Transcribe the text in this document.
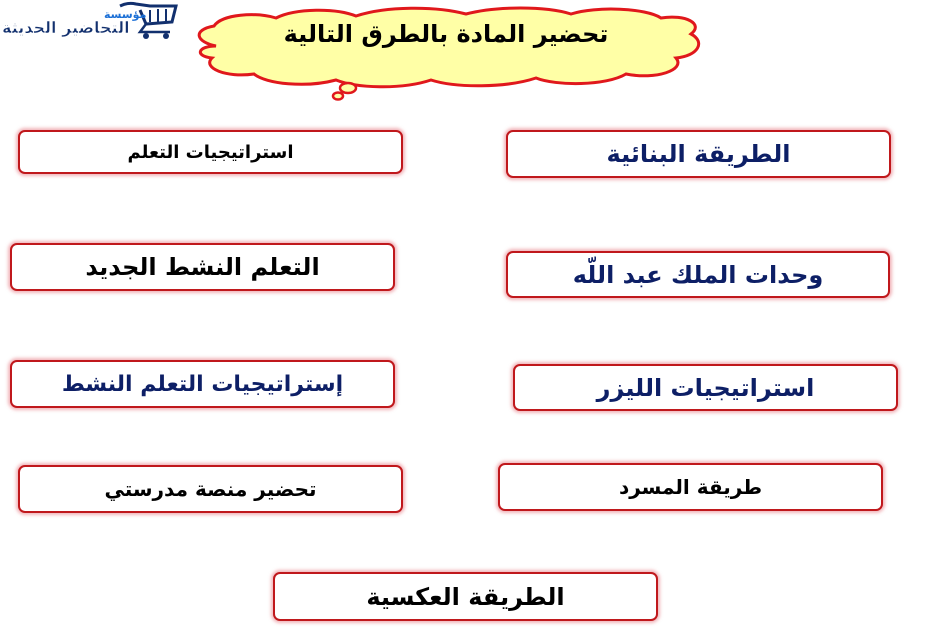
مؤسسة
التحاضير الحديثة	تحضير المادة بالطرق التالية
الطريقة البنائية
استراتيجيات التعلم
وحدات الملك عبد اللّه
التعلم النشط الجديد
استراتيجيات الليزر
إستراتيجيات التعلم النشط
طريقة المسرد
تحضير منصة مدرستي
الطريقة العكسية
